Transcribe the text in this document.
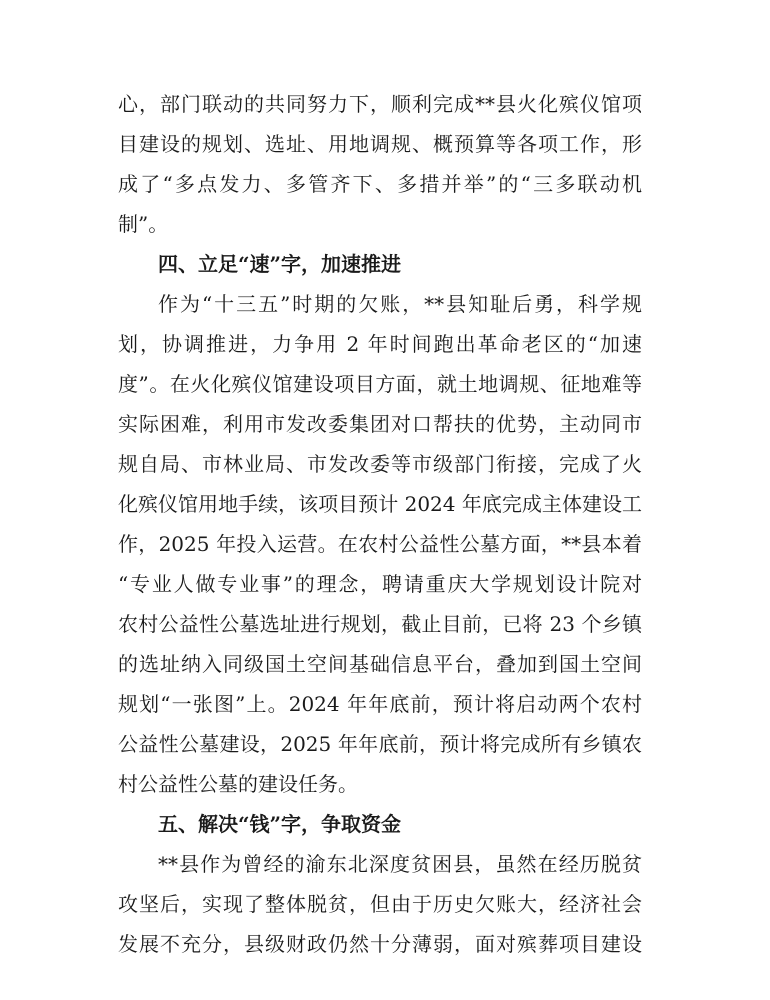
心，部门联动的共同努力下，顺利完成**县火化殡仪馆项
目建设的规划、选址、用地调规、概预算等各项工作，形
成了“多点发力、多管齐下、多措并举”的“三多联动机
制”。
四、立足“速”字，加速推进
作为“十三五”时期的欠账，**县知耻后勇，科学规
划，协调推进，力争用 2 年时间跑出革命老区的“加速
度”。在火化殡仪馆建设项目方面，就土地调规、征地难等
实际困难，利用市发改委集团对口帮扶的优势，主动同市
规自局、市林业局、市发改委等市级部门衔接，完成了火
化殡仪馆用地手续，该项目预计 2024 年底完成主体建设工
作，2025 年投入运营。在农村公益性公墓方面，**县本着
“专业人做专业事”的理念，聘请重庆大学规划设计院对
农村公益性公墓选址进行规划，截止目前，已将 23 个乡镇
的选址纳入同级国土空间基础信息平台，叠加到国土空间
规划“一张图”上。2024 年年底前，预计将启动两个农村
公益性公墓建设，2025 年年底前，预计将完成所有乡镇农
村公益性公墓的建设任务。
五、解决“钱”字，争取资金
**县作为曾经的渝东北深度贫困县，虽然在经历脱贫
攻坚后，实现了整体脱贫，但由于历史欠账大，经济社会
发展不充分，县级财政仍然十分薄弱，面对殡葬项目建设
